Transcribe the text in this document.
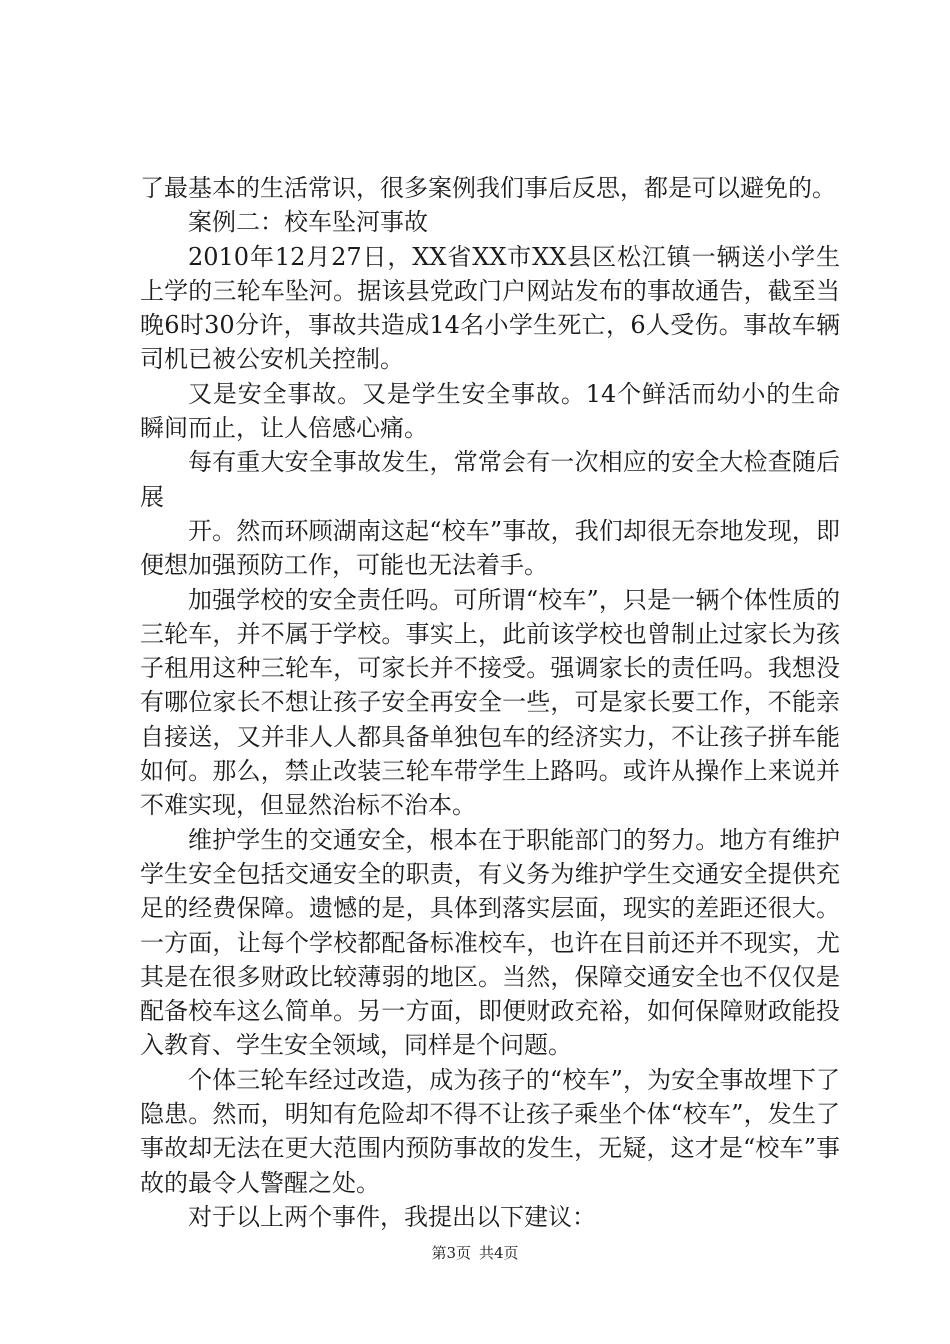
了最基本的生活常识，很多案例我们事后反思，都是可以避免的。

案例二：校车坠河事故

2010年12月27日，XX省XX市XX县区松江镇一辆送小学生上学的三轮车坠河。据该县党政门户网站发布的事故通告，截至当晚6时30分许，事故共造成14名小学生死亡，6人受伤。事故车辆司机已被公安机关控制。

又是安全事故。又是学生安全事故。14个鲜活而幼小的生命瞬间而止，让人倍感心痛。

每有重大安全事故发生，常常会有一次相应的安全大检查随后展

开。然而环顾湖南这起“校车”事故，我们却很无奈地发现，即便想加强预防工作，可能也无法着手。

加强学校的安全责任吗。可所谓“校车”，只是一辆个体性质的三轮车，并不属于学校。事实上，此前该学校也曾制止过家长为孩子租用这种三轮车，可家长并不接受。强调家长的责任吗。我想没有哪位家长不想让孩子安全再安全一些，可是家长要工作，不能亲自接送，又并非人人都具备单独包车的经济实力，不让孩子拼车能如何。那么，禁止改装三轮车带学生上路吗。或许从操作上来说并不难实现，但显然治标不治本。

维护学生的交通安全，根本在于职能部门的努力。地方有维护学生安全包括交通安全的职责，有义务为维护学生交通安全提供充足的经费保障。遗憾的是，具体到落实层面，现实的差距还很大。一方面，让每个学校都配备标准校车，也许在目前还并不现实，尤其是在很多财政比较薄弱的地区。当然，保障交通安全也不仅仅是配备校车这么简单。另一方面，即便财政充裕，如何保障财政能投入教育、学生安全领域，同样是个问题。

个体三轮车经过改造，成为孩子的“校车”，为安全事故埋下了隐患。然而，明知有危险却不得不让孩子乘坐个体“校车”，发生了事故却无法在更大范围内预防事故的发生，无疑，这才是“校车”事故的最令人警醒之处。

对于以上两个事件，我提出以下建议：

第3页 共4页
